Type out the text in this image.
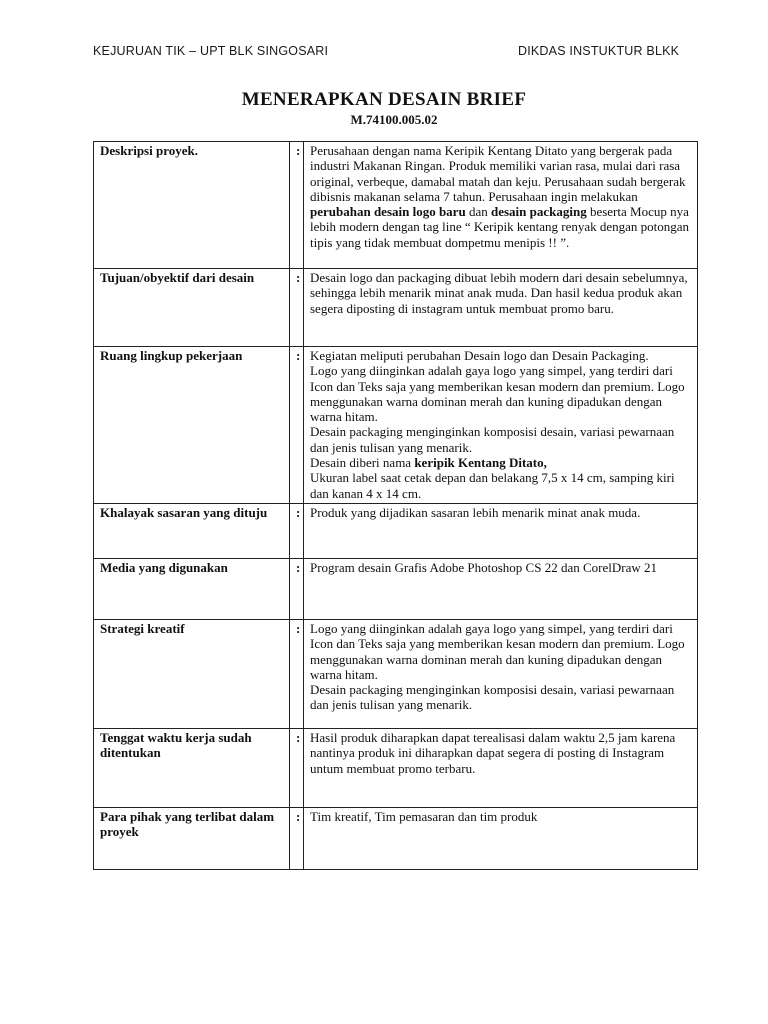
KEJURUAN TIK – UPT BLK SINGOSARI	DIKDAS INSTUKTUR BLKK
MENERAPKAN DESAIN BRIEF
M.74100.005.02
Deskripsi proyek.	:	Perusahaan dengan nama Keripik Kentang Ditato yang bergerak pada industri Makanan Ringan. Produk memiliki varian rasa, mulai dari rasa original, verbeque, damabal matah dan keju. Perusahaan sudah bergerak dibisnis makanan selama 7 tahun. Perusahaan ingin melakukan perubahan desain logo baru dan desain packaging beserta Mocup nya lebih modern dengan tag line “ Keripik kentang renyak dengan potongan tipis yang tidak membuat dompetmu menipis !! ”.
Tujuan/obyektif dari desain	:	Desain logo dan packaging dibuat lebih modern dari desain sebelumnya, sehingga lebih menarik minat anak muda. Dan hasil kedua produk akan segera diposting di instagram untuk membuat promo baru.
Ruang lingkup pekerjaan	:	Kegiatan meliputi perubahan Desain logo dan Desain Packaging.
Logo yang diinginkan adalah gaya logo yang simpel, yang terdiri dari Icon dan Teks saja yang memberikan kesan modern dan premium. Logo menggunakan warna dominan merah dan kuning dipadukan dengan warna hitam.
Desain packaging menginginkan komposisi desain, variasi pewarnaan dan jenis tulisan yang menarik.
Desain diberi nama keripik Kentang Ditato,
Ukuran label saat cetak depan dan belakang 7,5 x 14 cm, samping kiri dan kanan 4 x 14 cm.

Khalayak sasaran yang dituju	:	Produk yang dijadikan sasaran lebih menarik minat anak muda.
Media yang digunakan	:	Program desain Grafis Adobe Photoshop CS 22 dan CorelDraw 21
Strategi kreatif	:	Logo yang diinginkan adalah gaya logo yang simpel, yang terdiri dari Icon dan Teks saja yang memberikan kesan modern dan premium. Logo menggunakan warna dominan merah dan kuning dipadukan dengan warna hitam.
Desain packaging menginginkan komposisi desain, variasi pewarnaan dan jenis tulisan yang menarik.

Tenggat waktu kerja sudah ditentukan	:	Hasil produk diharapkan dapat terealisasi dalam waktu 2,5 jam karena nantinya produk ini diharapkan dapat segera di posting di Instagram untum membuat promo terbaru.
Para pihak yang terlibat dalam proyek	:	Tim kreatif, Tim pemasaran dan tim produk
